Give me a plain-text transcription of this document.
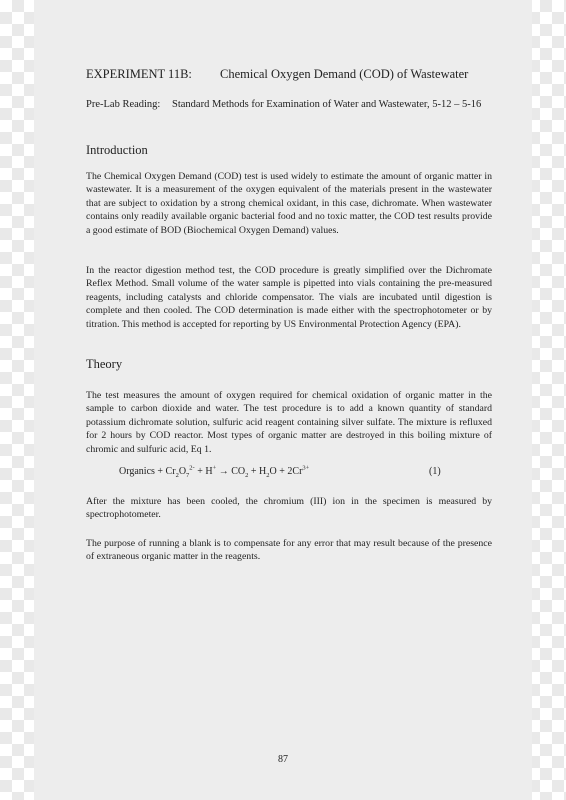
EXPERIMENT 11B: Chemical Oxygen Demand (COD) of Wastewater
Pre-Lab Reading: Standard Methods for Examination of Water and Wastewater, 5-12 – 5-16
Introduction

The Chemical Oxygen Demand (COD) test is used widely to estimate the amount of organic matter in wastewater. It is a measurement of the oxygen equivalent of the materials present in the wastewater that are subject to oxidation by a strong chemical oxidant, in this case, dichromate. When wastewater contains only readily available organic bacterial food and no toxic matter, the COD test results provide a good estimate of BOD (Biochemical Oxygen Demand) values.

In the reactor digestion method test, the COD procedure is greatly simplified over the Dichromate Reflex Method. Small volume of the water sample is pipetted into vials containing the pre-measured reagents, including catalysts and chloride compensator. The vials are incubated until digestion is complete and then cooled. The COD determination is made either with the spectrophotometer or by titration. This method is accepted for reporting by US Environmental Protection Agency (EPA).

Theory

The test measures the amount of oxygen required for chemical oxidation of organic matter in the sample to carbon dioxide and water. The test procedure is to add a known quantity of standard potassium dichromate solution, sulfuric acid reagent containing silver sulfate. The mixture is refluxed for 2 hours by COD reactor. Most types of organic matter are destroyed in this boiling mixture of chromic and sulfuric acid, Eq 1.

Organics + $Cr_2O_7^{2-} + H^+ \to CO_2 + H_2O + 2Cr^{3+}$	(1)

After the mixture has been cooled, the chromium (III) ion in the specimen is measured by spectrophotometer.

The purpose of running a blank is to compensate for any error that may result because of the presence of extraneous organic matter in the reagents.

87
